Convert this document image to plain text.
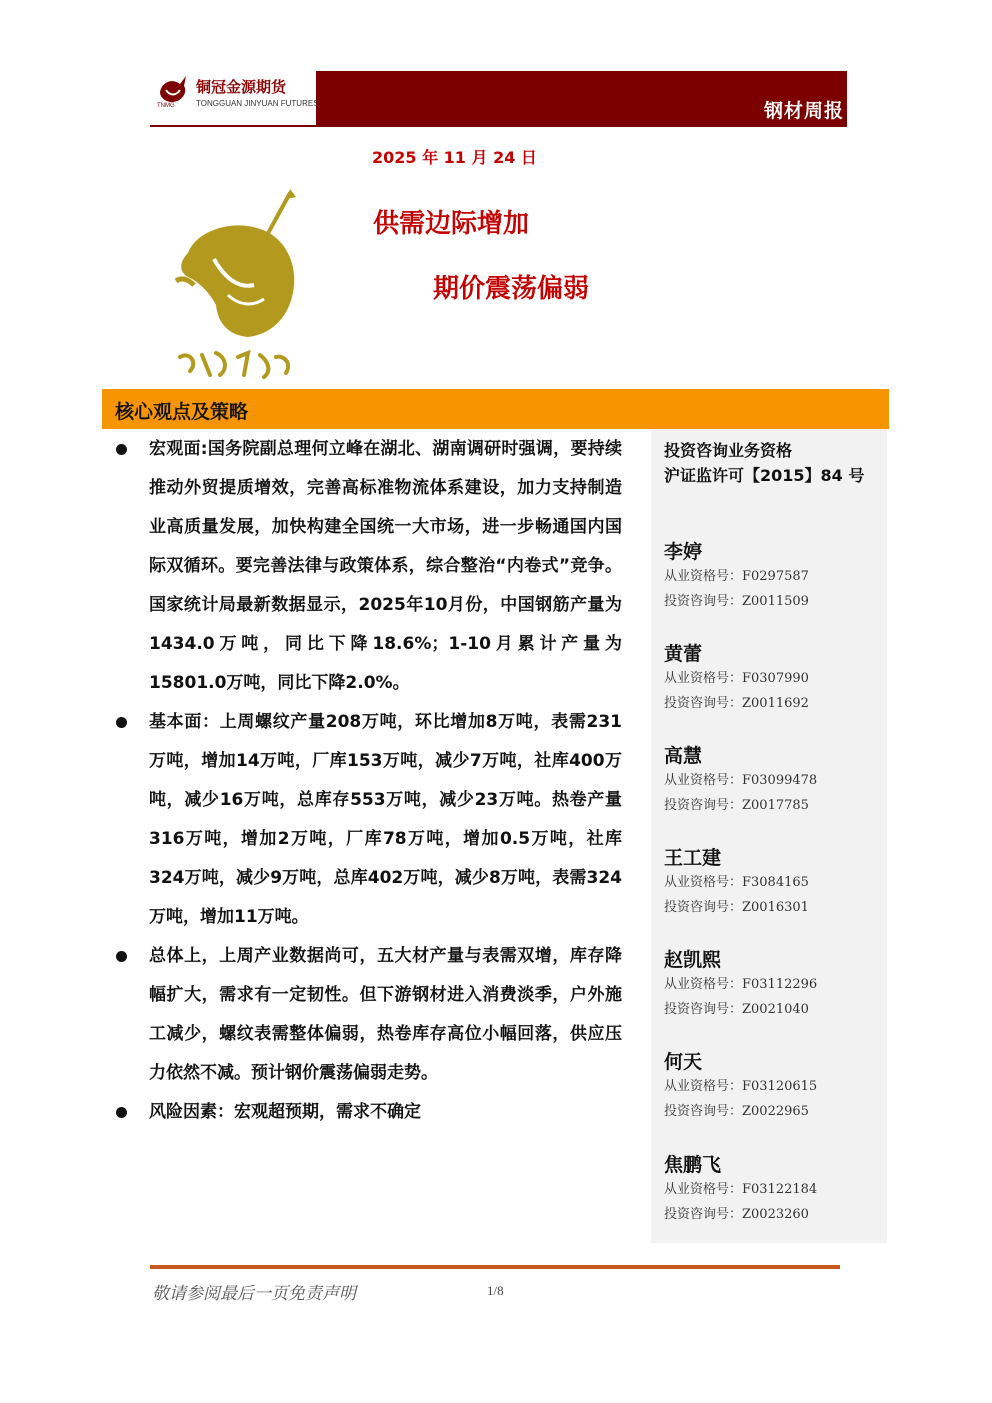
钢材周报
铜冠金源期货
TONGGUAN JINYUAN FUTURES
TNMG
2025 年 11 月 24 日
供需边际增加
期价震荡偏弱
核心观点及策略
宏观面:国务院副总理何立峰在湖北、湖南调研时强调，要持续推动外贸提质增效，完善高标准物流体系建设，加力支持制造业高质量发展，加快构建全国统一大市场，进一步畅通国内国际双循环。要完善法律与政策体系，综合整治“内卷式”竞争。国家统计局最新数据显示，2025年10月份，中国钢筋产量为1434.0万吨，同比下降18.6%；1-10月累计产量为15801.0万吨，同比下降2.0%。
基本面：上周螺纹产量208万吨，环比增加8万吨，表需231万吨，增加14万吨，厂库153万吨，减少7万吨，社库400万吨，减少16万吨，总库存553万吨，减少23万吨。热卷产量316万吨，增加2万吨，厂库78万吨，增加0.5万吨，社库324万吨，减少9万吨，总库402万吨，减少8万吨，表需324万吨，增加11万吨。
总体上，上周产业数据尚可，五大材产量与表需双增，库存降幅扩大，需求有一定韧性。但下游钢材进入消费淡季，户外施工减少，螺纹表需整体偏弱，热卷库存高位小幅回落，供应压力依然不减。预计钢价震荡偏弱走势。
风险因素：宏观超预期，需求不确定
投资咨询业务资格
沪证监许可【2015】84 号
李婷
从业资格号：F0297587
投资咨询号：Z0011509
黄蕾
从业资格号：F0307990
投资咨询号：Z0011692
高慧
从业资格号：F03099478
投资咨询号：Z0017785
王工建
从业资格号：F3084165
投资咨询号：Z0016301
赵凯熙
从业资格号：F03112296
投资咨询号：Z0021040
何天
从业资格号：F03120615
投资咨询号：Z0022965
焦鹏飞
从业资格号：F03122184
投资咨询号：Z0023260
敬请参阅最后一页免责声明	1/8
